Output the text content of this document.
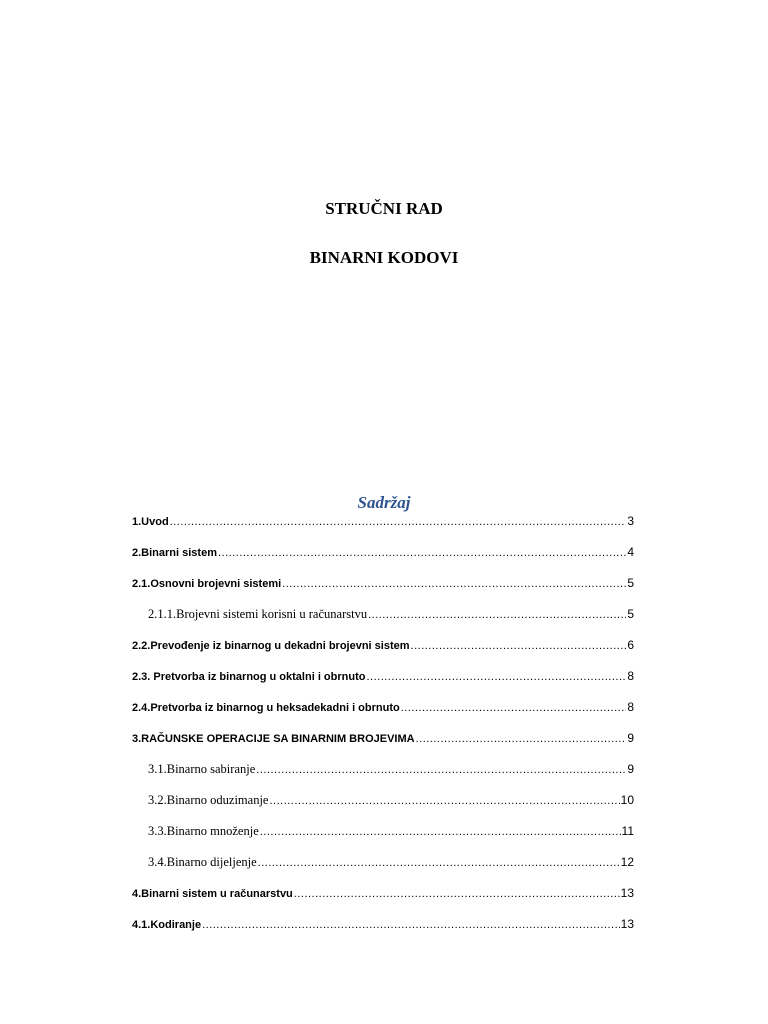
STRUČNI RAD
BINARNI KODOVI
Sadržaj
1.Uvod .....	3
2.Binarni sistem .....	4
2.1.Osnovni brojevni sistemi .....	5
2.1.1.Brojevni sistemi korisni u računarstvu .....	5
2.2.Prevođenje iz binarnog u dekadni brojevni sistem .....	6
2.3. Pretvorba iz binarnog u oktalni i obrnuto .....	8
2.4.Pretvorba iz binarnog u heksadekadni i obrnuto .....	8
3.RAČUNSKE OPERACIJE SA BINARNIM BROJEVIMA .....	9
3.1.Binarno sabiranje .....	9
3.2.Binarno oduzimanje .....	10
3.3.Binarno množenje .....	11
3.4.Binarno dijeljenje .....	12
4.Binarni sistem u računarstvu .....	13
4.1.Kodiranje .....	13
